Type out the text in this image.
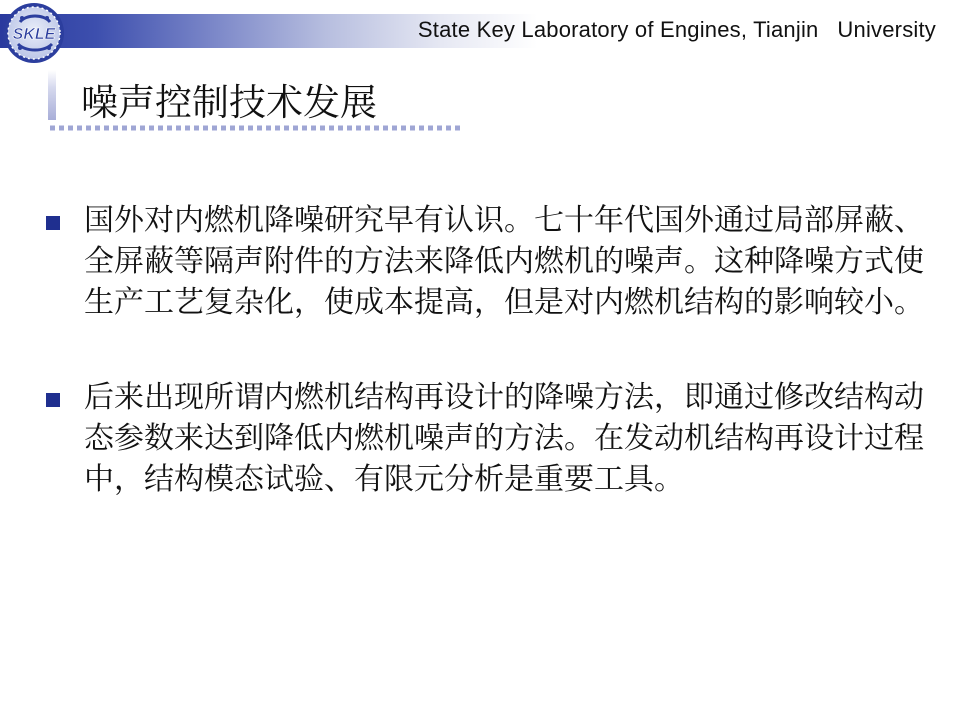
SKLE	State Key Laboratory of Engines, Tianjin   University
噪声控制技术发展
国外对内燃机降噪研究早有认识。七十年代国外通过局部屏蔽、全屏蔽等隔声附件的方法来降低内燃机的噪声。这种降噪方式使生产工艺复杂化，使成本提高，但是对内燃机结构的影响较小。
后来出现所谓内燃机结构再设计的降噪方法，即通过修改结构动态参数来达到降低内燃机噪声的方法。在发动机结构再设计过程中，结构模态试验、有限元分析是重要工具。
